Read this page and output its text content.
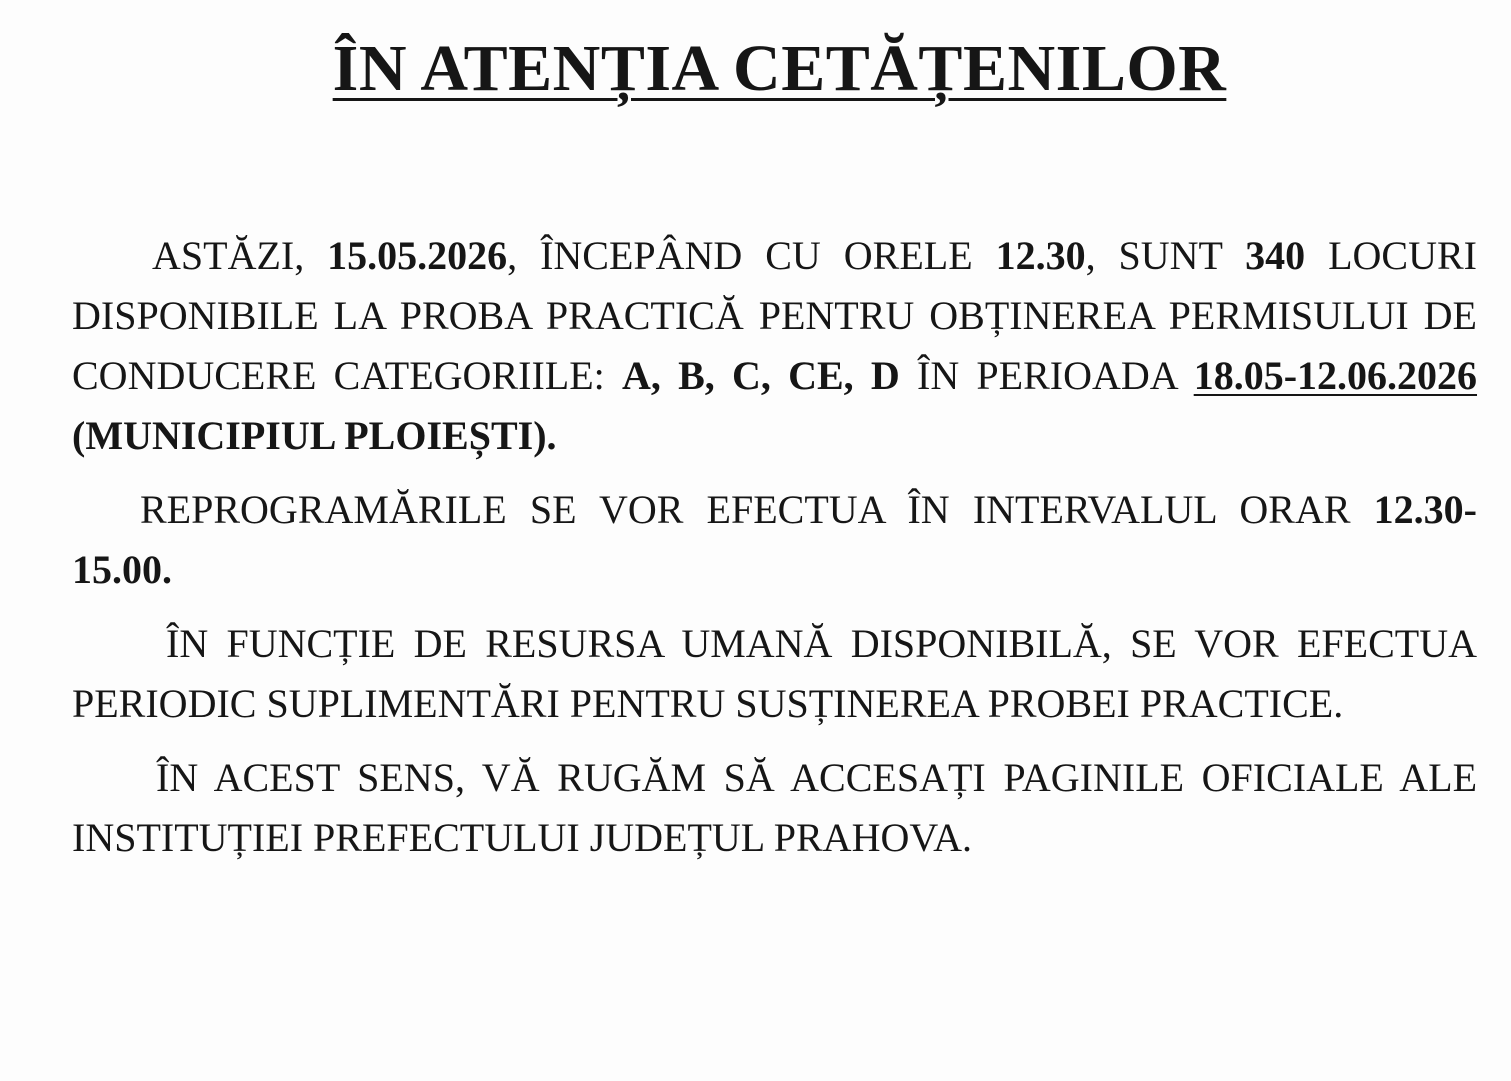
ÎN ATENȚIA CETĂȚENILOR

ASTĂZI, 15.05.2026, ÎNCEPÂND CU ORELE 12.30, SUNT 340 LOCURI DISPONIBILE LA PROBA PRACTICĂ PENTRU OBȚINEREA PERMISULUI DE CONDUCERE CATEGORIILE: A, B, C, CE, D ÎN PERIOADA 18.05-12.06.2026 (MUNICIPIUL PLOIEȘTI).

REPROGRAMĂRILE SE VOR EFECTUA ÎN INTERVALUL ORAR 12.30-15.00.

ÎN FUNCȚIE DE RESURSA UMANĂ DISPONIBILĂ, SE VOR EFECTUA PERIODIC SUPLIMENTĂRI PENTRU SUSȚINEREA PROBEI PRACTICE.

ÎN ACEST SENS, VĂ RUGĂM SĂ ACCESAȚI PAGINILE OFICIALE ALE INSTITUȚIEI PREFECTULUI JUDEȚUL PRAHOVA.
